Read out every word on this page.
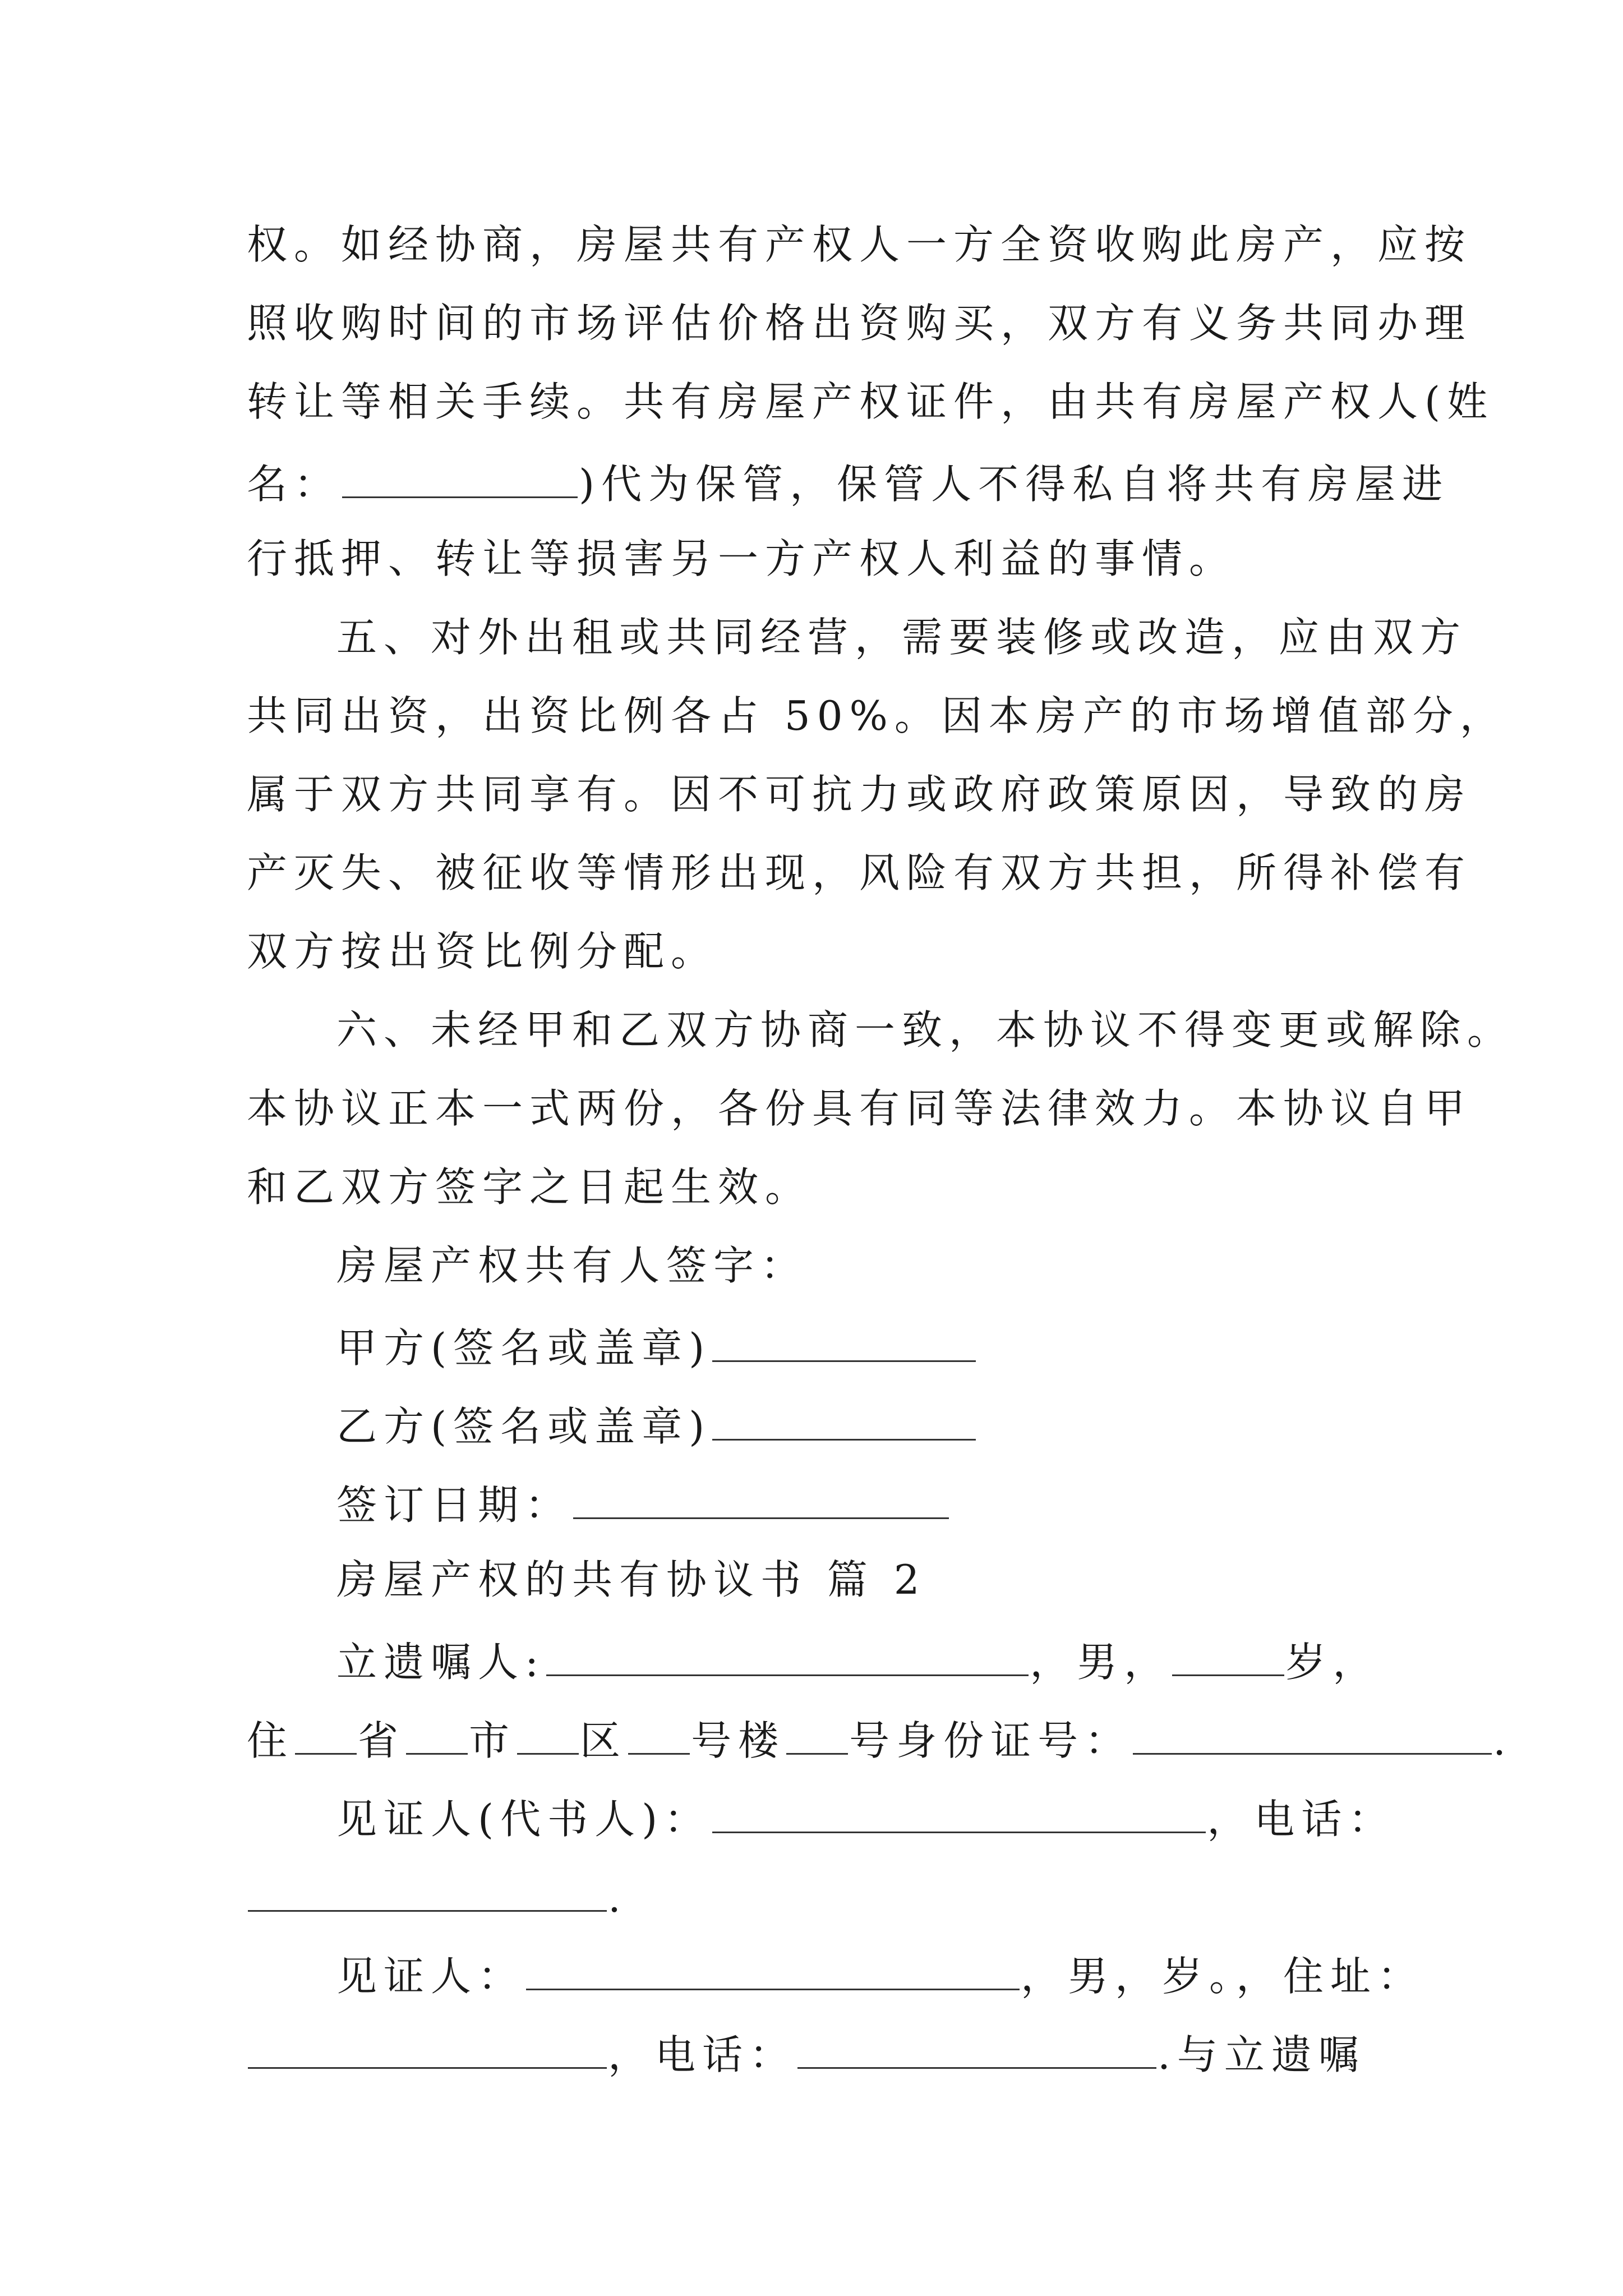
权。如经协商，房屋共有产权人一方全资收购此房产，应按
照收购时间的市场评估价格出资购买，双方有义务共同办理
转让等相关手续。共有房屋产权证件，由共有房屋产权人(姓
名：	)代为保管，保管人不得私自将共有房屋进
行抵押、转让等损害另一方产权人利益的事情。
五、对外出租或共同经营，需要装修或改造，应由双方
共同出资，出资比例各占 50%。因本房产的市场增值部分，
属于双方共同享有。因不可抗力或政府政策原因，导致的房
产灭失、被征收等情形出现，风险有双方共担，所得补偿有
双方按出资比例分配。
六、未经甲和乙双方协商一致，本协议不得变更或解除。
本协议正本一式两份，各份具有同等法律效力。本协议自甲
和乙双方签字之日起生效。
房屋产权共有人签字：
甲方(签名或盖章)
乙方(签名或盖章)
签订日期：
房屋产权的共有协议书 篇 2
立遗嘱人:	，男，	岁，
住 省 市 区 号楼 号身份证号：	.
见证人(代书人)：	，电话：
.
见证人：	，男，岁。，住址：
，电话：	.与立遗嘱
